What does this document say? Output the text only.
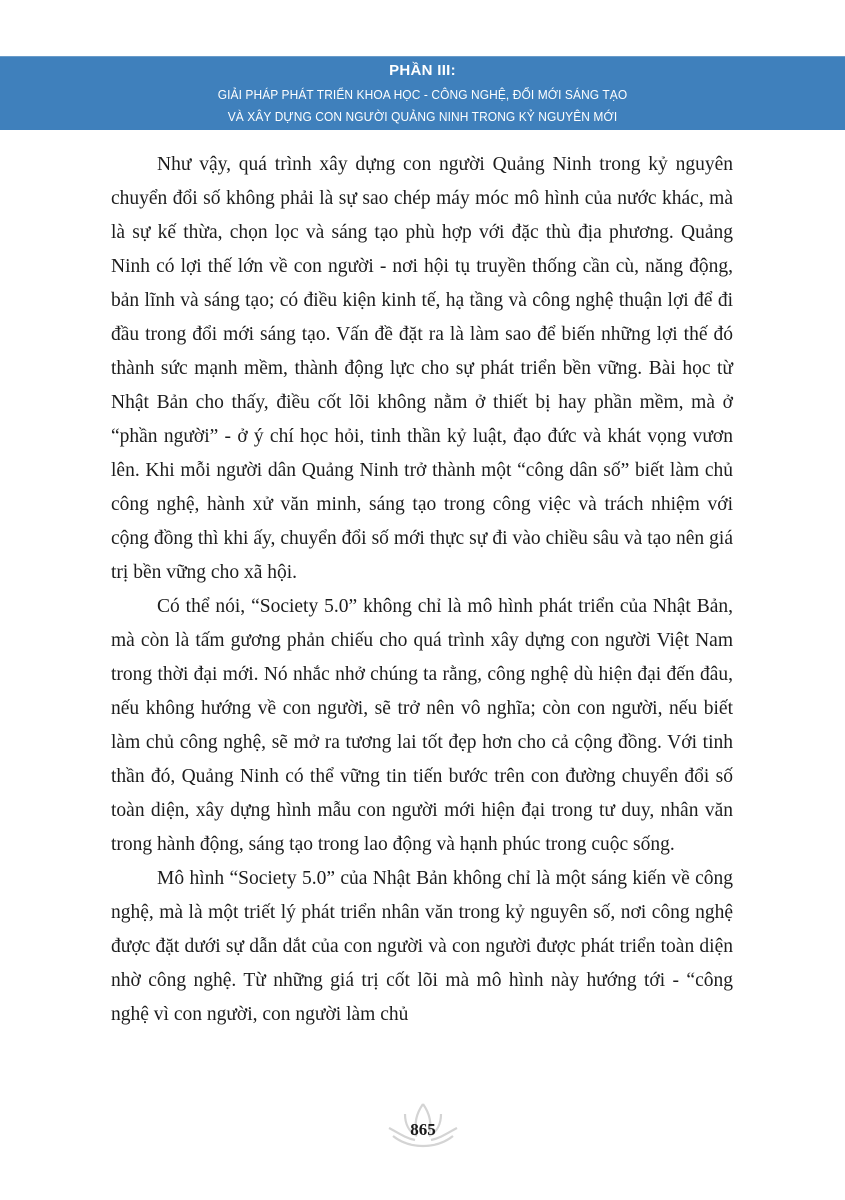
PHẦN III:
GIẢI PHÁP PHÁT TRIỂN KHOA HỌC - CÔNG NGHỆ, ĐỔI MỚI SÁNG TẠO
VÀ XÂY DỰNG CON NGƯỜI QUẢNG NINH TRONG KỶ NGUYÊN MỚI

Như vậy, quá trình xây dựng con người Quảng Ninh trong kỷ nguyên chuyển đổi số không phải là sự sao chép máy móc mô hình của nước khác, mà là sự kế thừa, chọn lọc và sáng tạo phù hợp với đặc thù địa phương. Quảng Ninh có lợi thế lớn về con người - nơi hội tụ truyền thống cần cù, năng động, bản lĩnh và sáng tạo; có điều kiện kinh tế, hạ tầng và công nghệ thuận lợi để đi đầu trong đổi mới sáng tạo. Vấn đề đặt ra là làm sao để biến những lợi thế đó thành sức mạnh mềm, thành động lực cho sự phát triển bền vững. Bài học từ Nhật Bản cho thấy, điều cốt lõi không nằm ở thiết bị hay phần mềm, mà ở “phần người” - ở ý chí học hỏi, tinh thần kỷ luật, đạo đức và khát vọng vươn lên. Khi mỗi người dân Quảng Ninh trở thành một “công dân số” biết làm chủ công nghệ, hành xử văn minh, sáng tạo trong công việc và trách nhiệm với cộng đồng thì khi ấy, chuyển đổi số mới thực sự đi vào chiều sâu và tạo nên giá trị bền vững cho xã hội.

Có thể nói, “Society 5.0” không chỉ là mô hình phát triển của Nhật Bản, mà còn là tấm gương phản chiếu cho quá trình xây dựng con người Việt Nam trong thời đại mới. Nó nhắc nhở chúng ta rằng, công nghệ dù hiện đại đến đâu, nếu không hướng về con người, sẽ trở nên vô nghĩa; còn con người, nếu biết làm chủ công nghệ, sẽ mở ra tương lai tốt đẹp hơn cho cả cộng đồng. Với tinh thần đó, Quảng Ninh có thể vững tin tiến bước trên con đường chuyển đổi số toàn diện, xây dựng hình mẫu con người mới hiện đại trong tư duy, nhân văn trong hành động, sáng tạo trong lao động và hạnh phúc trong cuộc sống.

Mô hình “Society 5.0” của Nhật Bản không chỉ là một sáng kiến về công nghệ, mà là một triết lý phát triển nhân văn trong kỷ nguyên số, nơi công nghệ được đặt dưới sự dẫn dắt của con người và con người được phát triển toàn diện nhờ công nghệ. Từ những giá trị cốt lõi mà mô hình này hướng tới - “công nghệ vì con người, con người làm chủ

865
